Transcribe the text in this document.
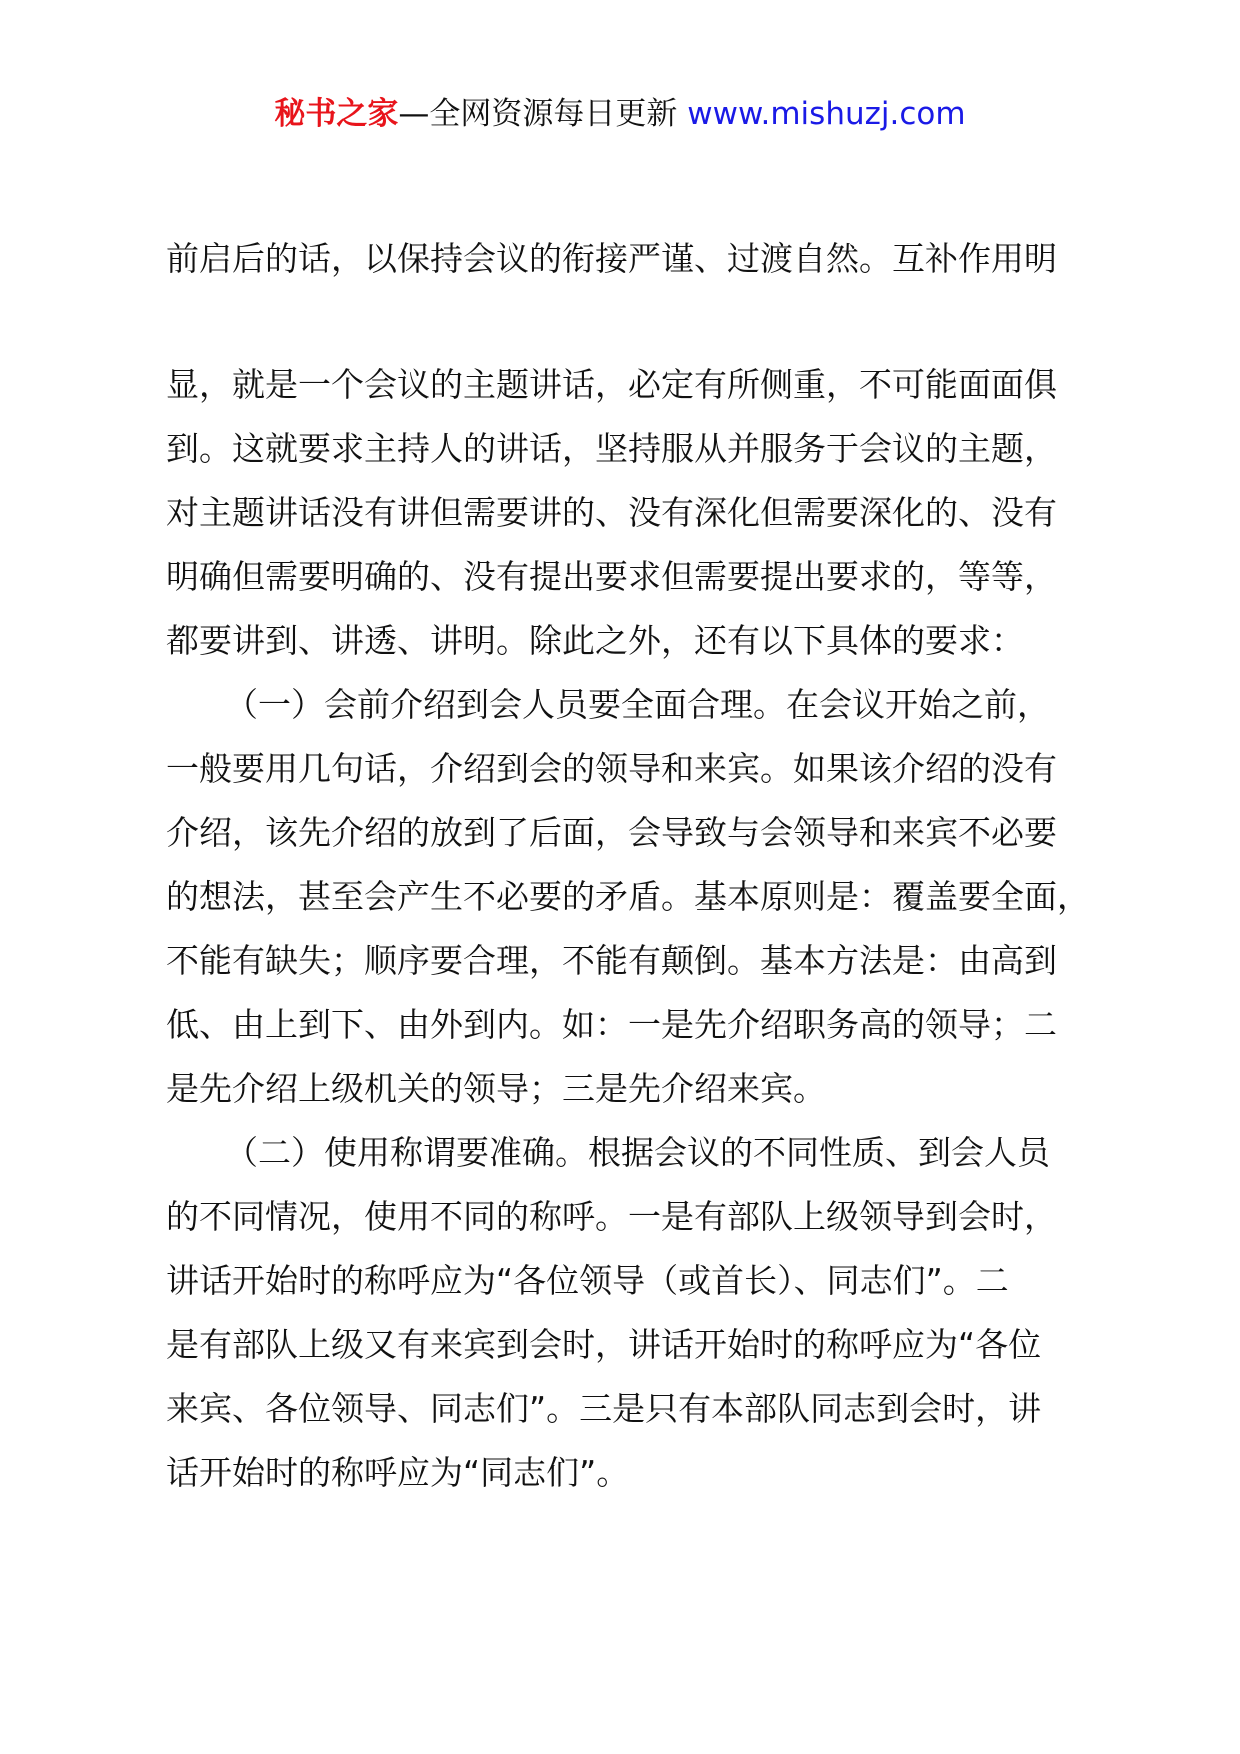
秘书之家—全网资源每日更新 www.mishuzj.com
前启后的话，以保持会议的衔接严谨、过渡自然。互补作用明
显，就是一个会议的主题讲话，必定有所侧重，不可能面面俱
到。这就要求主持人的讲话，坚持服从并服务于会议的主题，
对主题讲话没有讲但需要讲的、没有深化但需要深化的、没有
明确但需要明确的、没有提出要求但需要提出要求的，等等，
都要讲到、讲透、讲明。除此之外，还有以下具体的要求：
（一）会前介绍到会人员要全面合理。在会议开始之前，
一般要用几句话，介绍到会的领导和来宾。如果该介绍的没有
介绍，该先介绍的放到了后面，会导致与会领导和来宾不必要
的想法，甚至会产生不必要的矛盾。基本原则是：覆盖要全面，
不能有缺失；顺序要合理，不能有颠倒。基本方法是：由高到
低、由上到下、由外到内。如：一是先介绍职务高的领导；二
是先介绍上级机关的领导；三是先介绍来宾。
（二）使用称谓要准确。根据会议的不同性质、到会人员
的不同情况，使用不同的称呼。一是有部队上级领导到会时，
讲话开始时的称呼应为“各位领导（或首长）、同志们”。二
是有部队上级又有来宾到会时，讲话开始时的称呼应为“各位
来宾、各位领导、同志们”。三是只有本部队同志到会时，讲
话开始时的称呼应为“同志们”。
